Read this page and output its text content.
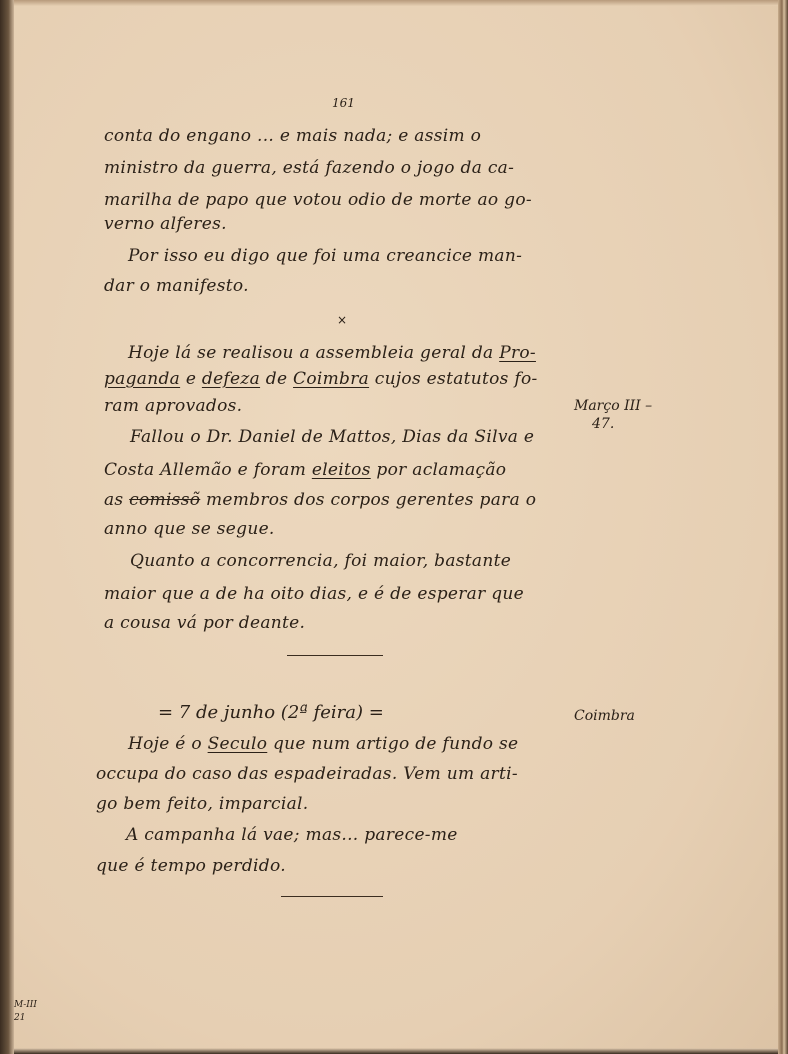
161
conta do engano ... e mais nada; e assim o
ministro da guerra, está fazendo o jogo da ca-
marilha de papo que votou odio de morte ao go-
verno alferes.
Por isso eu digo que foi uma creancice man-
dar o manifesto.
×
Hoje lá se realisou a assembleia geral da Pro-
paganda e defeza de Coimbra cujos estatutos fo-
ram aprovados.
Fallou o Dr. Daniel de Mattos, Dias da Silva e
Costa Allemão e foram eleitos por aclamação
as comissõ membros dos corpos gerentes para o
anno que se segue.
Quanto a concorrencia, foi maior, bastante
maior que a de ha oito dias, e é de esperar que
a cousa vá por deante.
Março III –
47.
= 7 de junho (2ª feira) =	Coimbra
Hoje é o Seculo que num artigo de fundo se
occupa do caso das espadeiradas. Vem um arti-
go bem feito, imparcial.
A campanha lá vae; mas... parece-me
que é tempo perdido.
M-III
21
